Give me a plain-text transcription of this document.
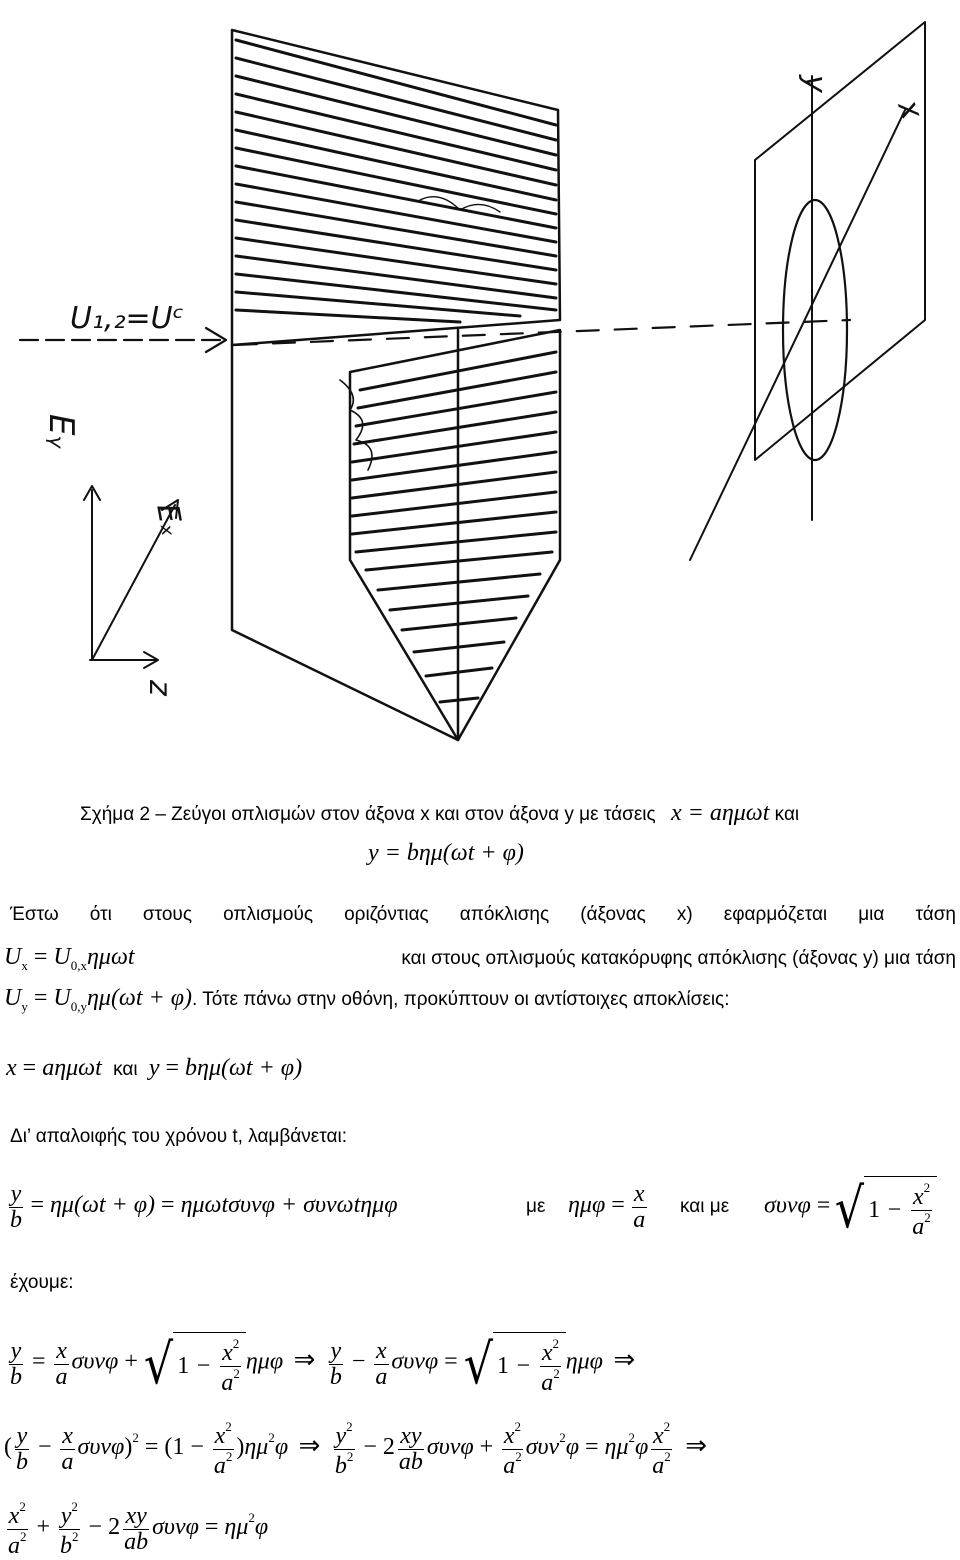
U₁,₂=Uᶜ
Eᵧ
Eₓ
z
y
x
Σχήμα 2 – Ζεύγοι οπλισμών στον άξονα x και στον άξονα y με τάσεις x = aημωt και
y = bημ(ωt + φ)
Έστω ότι στους οπλισμούς οριζόντιας απόκλισης (άξονας x) εφαρμόζεται μια τάση
$U_x = U_{0,x}\eta\mu\omega t$	και στους οπλισμούς κατακόρυφης απόκλισης (άξονας y) μια τάση
$U_y = U_{0,y}\eta\mu(\omega t + \varphi)$. Τότε πάνω στην οθόνη, προκύπτουν οι αντίστοιχες αποκλίσεις:
x = aημωt και y = bημ(ωt + φ)
Δι’ απαλοιφής του χρόνου t, λαμβάνεται:
$\frac{y}{b} = \eta\mu(\omega t + \varphi) = \eta\mu\omega t\sigma\upsilon\nu\varphi + \sigma\upsilon\nu\omega t\eta\mu\varphi$	με $\eta\mu\varphi = \frac{x}{a}$ και με συνφ = √ $1 - \frac{x^2}{a^2}$
έχουμε:
$\frac{y}{b} = \frac{x}{a}$ συνφ + √ $1 - \frac{x^2}{a^2}$ ημφ ⇒ $\frac{y}{b} - \frac{x}{a}$ συνφ = √ $1 - \frac{x^2}{a^2}$ ημφ ⇒
( $\frac{y}{b} - \frac{x}{a} \sigma\upsilon\nu\varphi)^2 = (1 - \frac{x^2}{a^2} )\eta\mu^2\varphi$ ⇒ $\frac{y^2}{b^2} - 2 \frac{xy}{ab}$ $\sigma\upsilon\nu\varphi + \frac{x^2}{a^2} \sigma\upsilon\nu^2\varphi = \eta\mu^2\varphi \frac{x^2}{a^2}$ ⇒
$\frac{x^2}{a^2} + \frac{y^2}{b^2} - 2 \frac{xy}{ab}$ $\sigma\upsilon\nu\varphi = \eta\mu^2\varphi$
